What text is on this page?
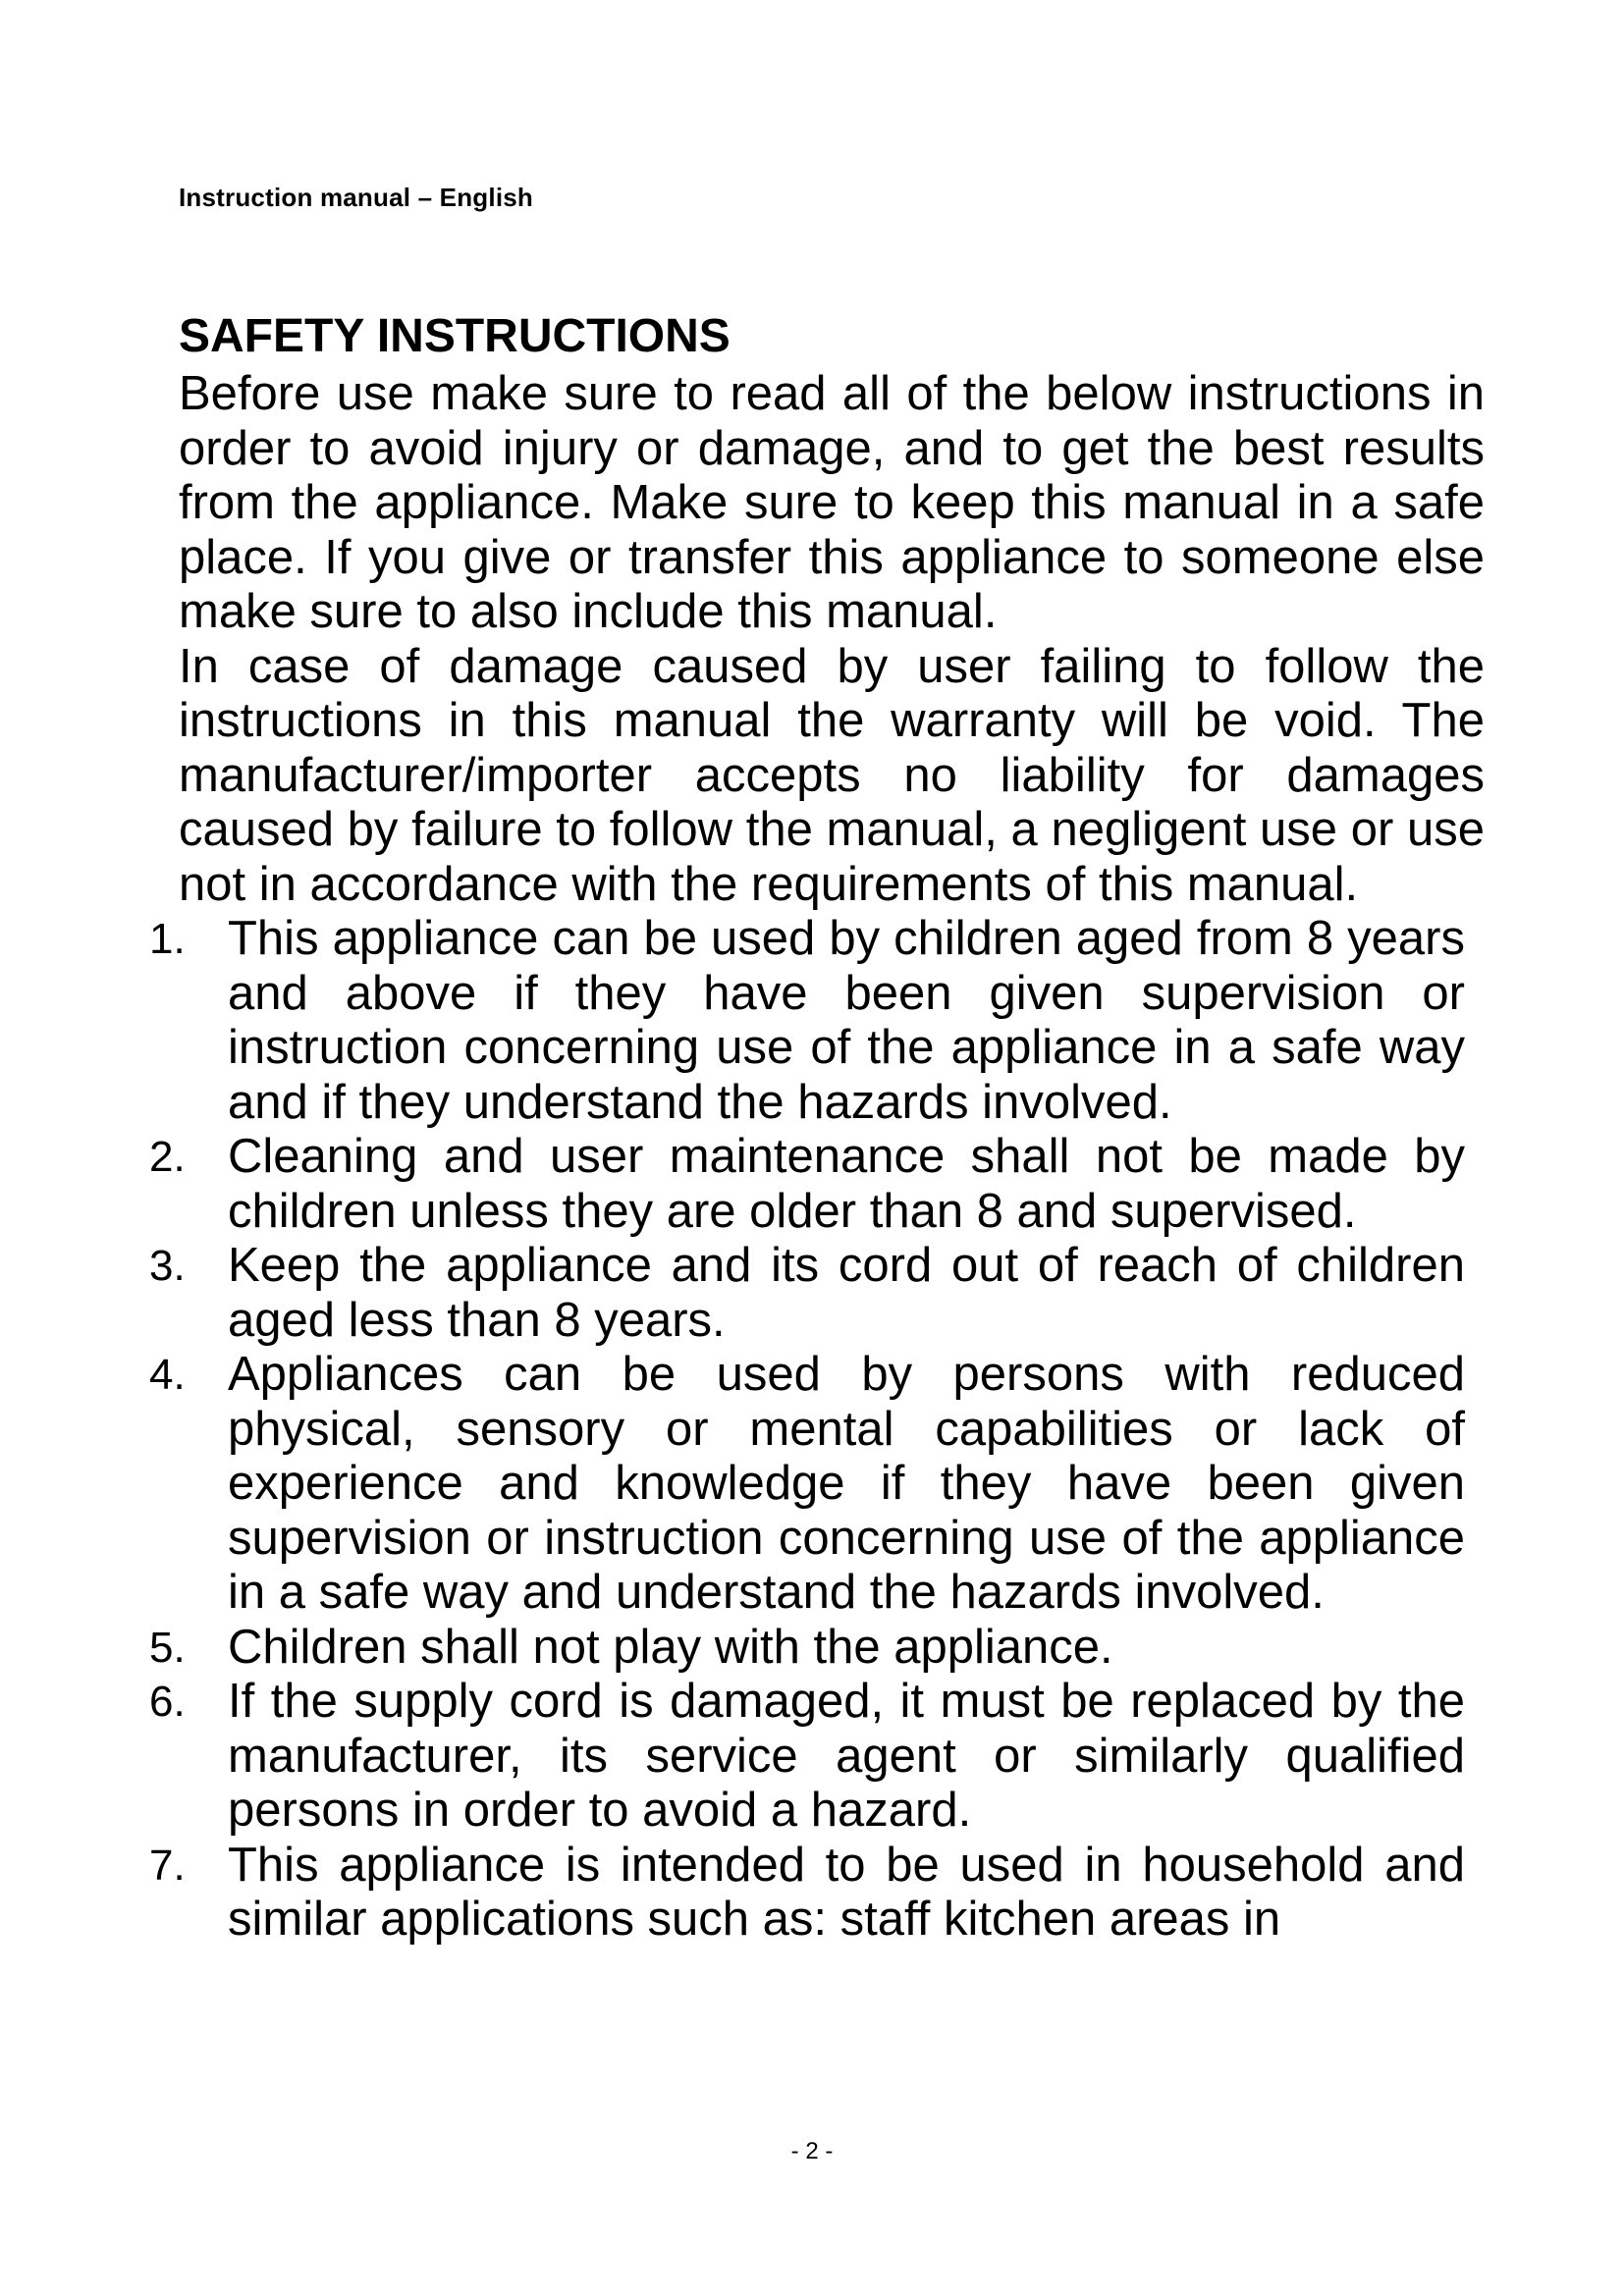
Instruction manual – English
SAFETY INSTRUCTIONS

Before use make sure to read all of the below instructions in order to avoid injury or damage, and to get the best results from the appliance. Make sure to keep this manual in a safe place. If you give or transfer this appliance to someone else make sure to also include this manual.

In case of damage caused by user failing to follow the instructions in this manual the warranty will be void. The manufacturer/importer accepts no liability for damages caused by failure to follow the manual, a negligent use or use not in accordance with the requirements of this manual.

1. This appliance can be used by children aged from 8 years and above if they have been given supervision or instruction concerning use of the appliance in a safe way and if they understand the hazards involved.
2. Cleaning and user maintenance shall not be made by children unless they are older than 8 and supervised.
3. Keep the appliance and its cord out of reach of children aged less than 8 years.
4. Appliances can be used by persons with reduced physical, sensory or mental capabilities or lack of experience and knowledge if they have been given supervision or instruction concerning use of the appliance in a safe way and understand the hazards involved.
5. Children shall not play with the appliance.
6. If the supply cord is damaged, it must be replaced by the manufacturer, its service agent or similarly qualified persons in order to avoid a hazard.
7. This appliance is intended to be used in household and similar applications such as: staff kitchen areas in
- 2 -
